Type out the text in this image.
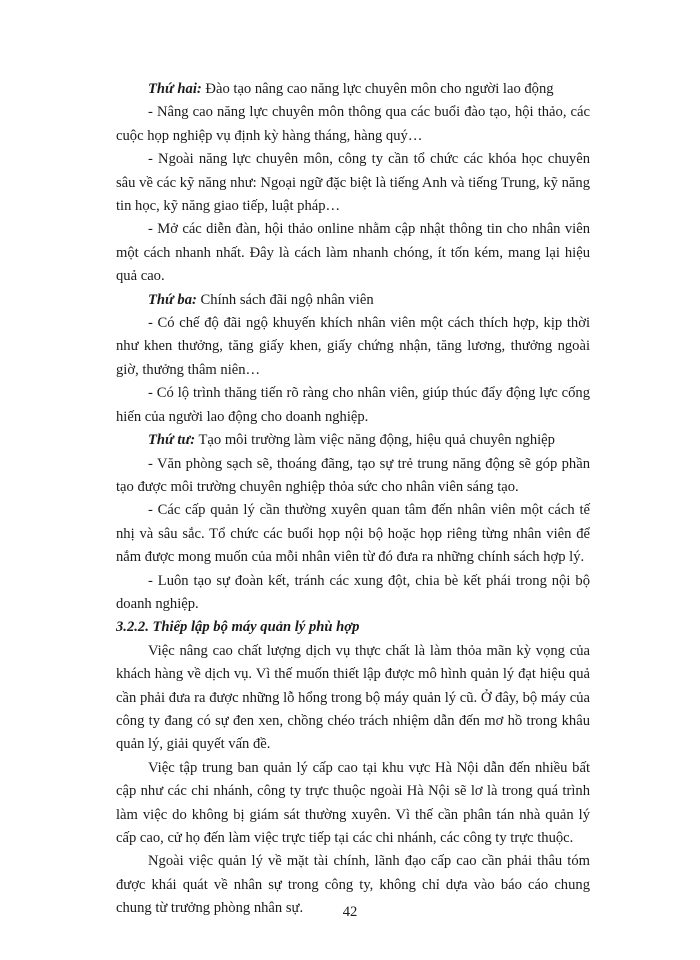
Thứ hai: Đào tạo nâng cao năng lực chuyên môn cho người lao động

- Nâng cao năng lực chuyên môn thông qua các buổi đào tạo, hội thảo, các cuộc họp nghiệp vụ định kỳ hàng tháng, hàng quý…

- Ngoài năng lực chuyên môn, công ty cần tổ chức các khóa học chuyên sâu về các kỹ năng như: Ngoại ngữ đặc biệt là tiếng Anh và tiếng Trung, kỹ năng tin học, kỹ năng giao tiếp, luật pháp…

- Mở các diễn đàn, hội thảo online nhằm cập nhật thông tin cho nhân viên một cách nhanh nhất. Đây là cách làm nhanh chóng, ít tốn kém, mang lại hiệu quả cao.

Thứ ba: Chính sách đãi ngộ nhân viên

- Có chế độ đãi ngộ khuyến khích nhân viên một cách thích hợp, kịp thời như khen thưởng, tăng giấy khen, giấy chứng nhận, tăng lương, thưởng ngoài giờ, thưởng thâm niên…

- Có lộ trình thăng tiến rõ ràng cho nhân viên, giúp thúc đẩy động lực cống hiến của người lao động cho doanh nghiệp.

Thứ tư: Tạo môi trường làm việc năng động, hiệu quả chuyên nghiệp

- Văn phòng sạch sẽ, thoáng đãng, tạo sự trẻ trung năng động sẽ góp phần tạo được môi trường chuyên nghiệp thỏa sức cho nhân viên sáng tạo.

- Các cấp quản lý cần thường xuyên quan tâm đến nhân viên một cách tế nhị và sâu sắc. Tổ chức các buổi họp nội bộ hoặc họp riêng từng nhân viên để nắm được mong muốn của mỗi nhân viên từ đó đưa ra những chính sách hợp lý.

- Luôn tạo sự đoàn kết, tránh các xung đột, chia bè kết phái trong nội bộ doanh nghiệp.

3.2.2. Thiếp lập bộ máy quản lý phù hợp

Việc nâng cao chất lượng dịch vụ thực chất là làm thỏa mãn kỳ vọng của khách hàng về dịch vụ. Vì thế muốn thiết lập được mô hình quản lý đạt hiệu quả cần phải đưa ra được những lỗ hổng trong bộ máy quản lý cũ. Ở đây, bộ máy của công ty đang có sự đen xen, chồng chéo trách nhiệm dẫn đến mơ hồ trong khâu quản lý, giải quyết vấn đề.

Việc tập trung ban quản lý cấp cao tại khu vực Hà Nội dẫn đến nhiều bất cập như các chi nhánh, công ty trực thuộc ngoài Hà Nội sẽ lơ là trong quá trình làm việc do không bị giám sát thường xuyên. Vì thế cần phân tán nhà quản lý cấp cao, cử họ đến làm việc trực tiếp tại các chi nhánh, các công ty trực thuộc.

Ngoài việc quản lý về mặt tài chính, lãnh đạo cấp cao cần phải thâu tóm được khái quát về nhân sự trong công ty, không chỉ dựa vào báo cáo chung chung từ trưởng phòng nhân sự.	42
